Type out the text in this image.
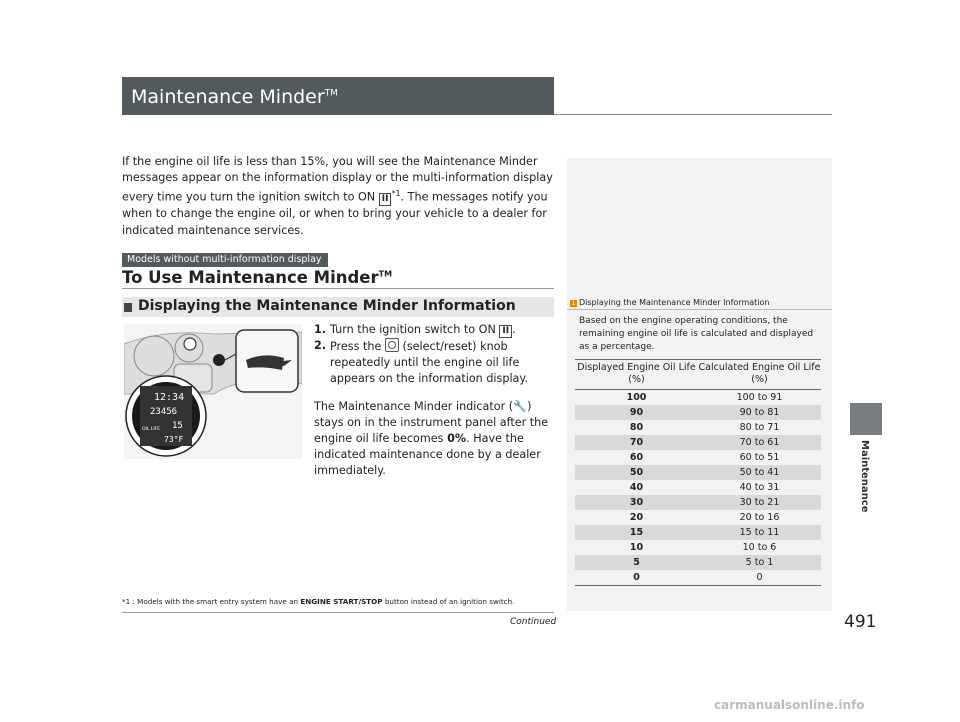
Maintenance Minder™
Maintenance
If the engine oil life is less than 15%, you will see the Maintenance Minder messages appear on the information display or the multi-information display every time you turn the ignition switch to ON II$^{*1}$. The messages notify you when to change the engine oil, or when to bring your vehicle to a dealer for indicated maintenance services.
Models without multi-information display
To Use Maintenance Minder™
Displaying the Maintenance Minder Information
12:34
23456
15
OIL LIFE
73°F
1. Turn the ignition switch to ON II .
2. Press the  (select/reset) knob repeatedly until the engine oil life appears on the information display.
The Maintenance Minder indicator (🔧) stays on in the instrument panel after the engine oil life becomes 0%. Have the indicated maintenance done by a dealer immediately.
*1 : Models with the smart entry system have an ENGINE START/STOP button instead of an ignition switch.
Continued	491
1 Displaying the Maintenance Minder Information
Based on the engine operating conditions, the remaining engine oil life is calculated and displayed as a percentage.
Displayed Engine Oil Life (%)	Calculated Engine Oil Life (%)
100	100 to 91
90	90 to 81
80	80 to 71
70	70 to 61
60	60 to 51
50	50 to 41
40	40 to 31
30	30 to 21
20	20 to 16
15	15 to 11
10	10 to 6
5	5 to 1
0	0
carmanualsonline.info
